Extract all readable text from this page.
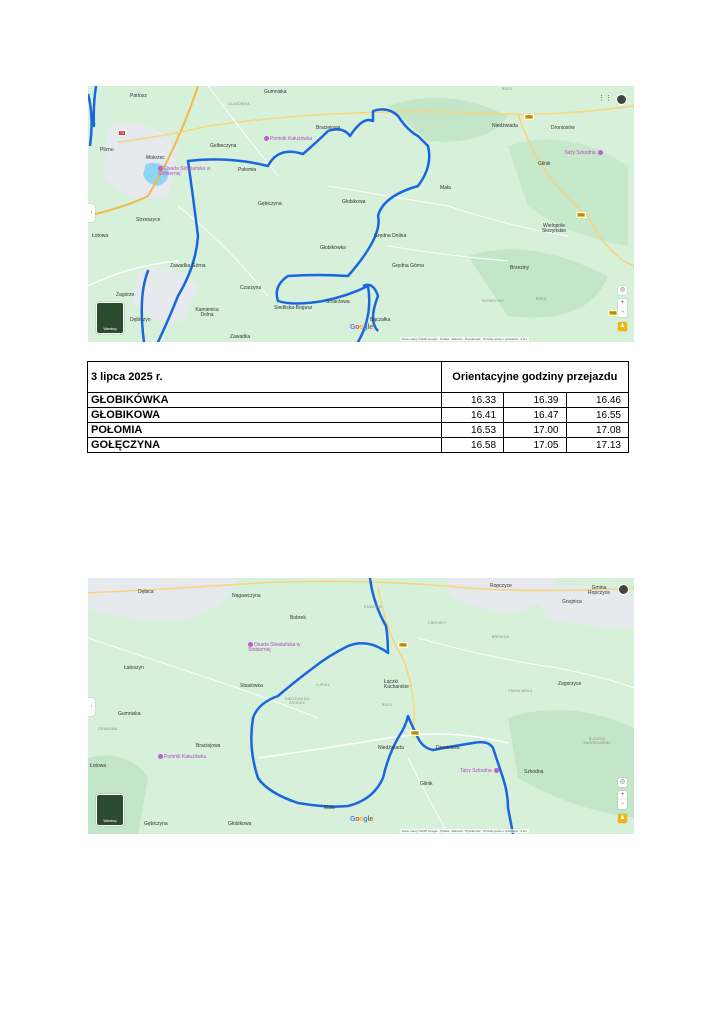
Partosz
Gumniska
GŁASÓWKA
Braciejowa
Pomnik Kałużówka
Gelbeczyna
Mokrzec
Pilzno
Osada Słowiańska w Stobiernej
Połomia
Niedźwiada	Droniosów
Tatry Szkodna
Glinik
Mała
Strzeszyce
Gębiczyna	Głobikowa
Łotowa
Głobikówka
Grędna Dolina
Grędna Górna
Wielopole Skrzyńskie
Brzeziny
Zawadka Górna
Czarzyna
Zagórze
Kamienica Dolna
Dębiczyn
Siedliska-Bogusz
Smarżowa
Bączałka
Zawadka
BUDY
SERDECKIE	RZEKI
73
986
986
986
⋮⋮
›
◎
+
−
♟
Warstwy	Google
Dane mapy ©2025 Google Polska Warunki Prywatność Prześlij opinię o produkcie 2 km
3 lipca 2025 r.	Orientacyjne godziny przejazdu		
GŁOBIKÓWKA	16.33	16.39	16.46
GŁOBIKOWA	16.41	16.47	16.55
POŁOMIA	16.53	17.00	17.08
GOŁĘCZYNA	16.58	17.05	17.13
Dębica
Nagawczyna
Ropczyce	Gmina Ropczyce
Gnojnica
Bobrek
KAMIONKI
CHECHŁY
BRENICA
Osada Słowiańska w Stobiernej
Łaloszyn
Stasiówka	LUPINY
NIEDŹWIADA ŚRODEK
Łączki Kucharskie
BUDY
GMINA WOLA
Zagorzyce
Gumniska
GRABOWA
Braciejowa	Niedźwiada	Droniosów
Pomnik Kałużówka
Tatry Szkodna	Szkodna
BUDZISZ ZAGÓRZAŃSKI
Glinik
Mała
Gębiczyna	Głobikowa
Łotowa
986
986
›
◎
+
−
♟
Warstwy	Google
Dane mapy ©2025 Google Polska Warunki Prywatność Prześlij opinię o produkcie 2 km
